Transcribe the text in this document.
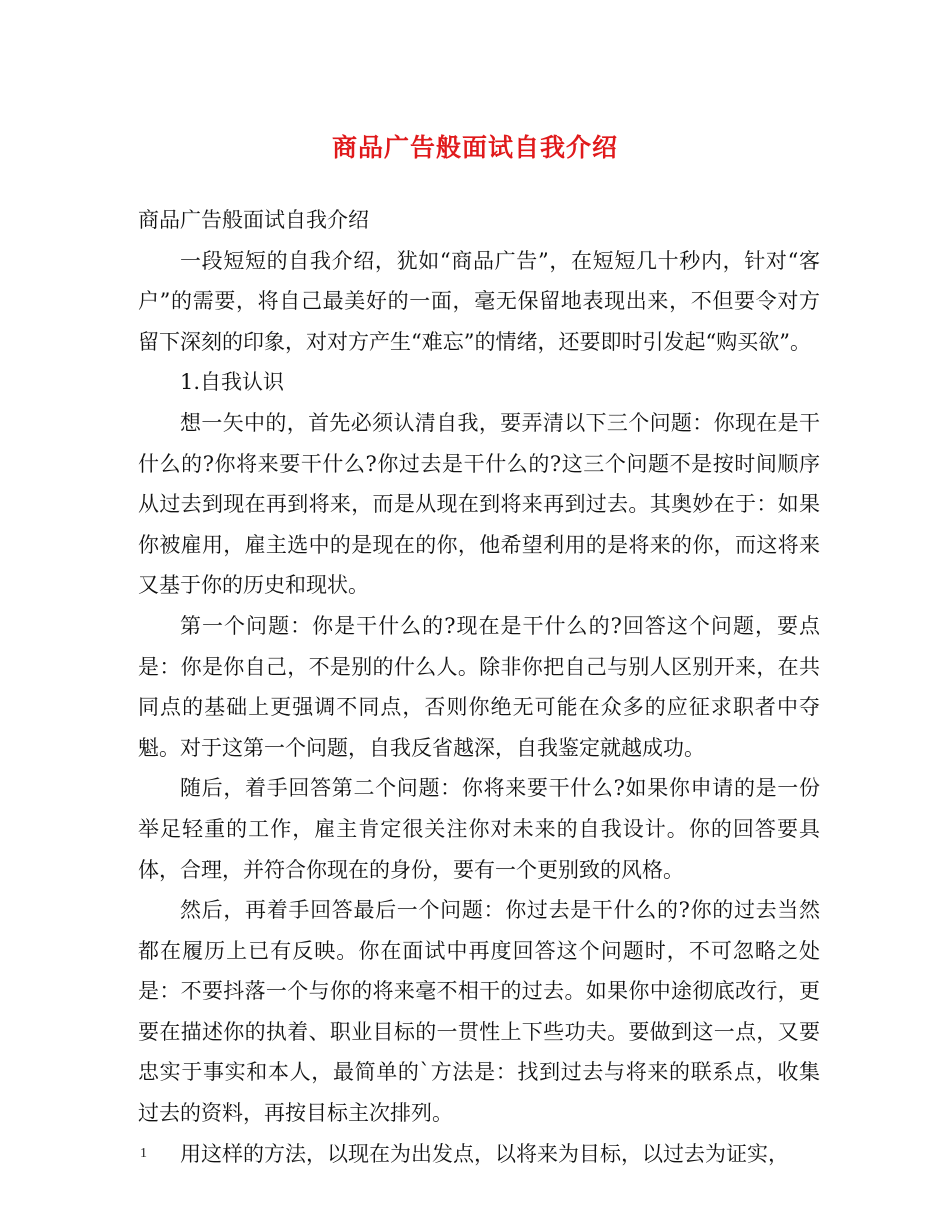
商品广告般面试自我介绍

商品广告般面试自我介绍

一段短短的自我介绍，犹如“商品广告”，在短短几十秒内，针对“客户”的需要，将自己最美好的一面，毫无保留地表现出来，不但要令对方留下深刻的印象，对对方产生“难忘”的情绪，还要即时引发起“购买欲”。

1.自我认识

想一矢中的，首先必须认清自我，要弄清以下三个问题：你现在是干什么的?你将来要干什么?你过去是干什么的?这三个问题不是按时间顺序从过去到现在再到将来，而是从现在到将来再到过去。其奥妙在于：如果你被雇用，雇主选中的是现在的你，他希望利用的是将来的你，而这将来又基于你的历史和现状。

第一个问题：你是干什么的?现在是干什么的?回答这个问题，要点是：你是你自己，不是别的什么人。除非你把自己与别人区别开来，在共同点的基础上更强调不同点，否则你绝无可能在众多的应征求职者中夺魁。对于这第一个问题，自我反省越深，自我鉴定就越成功。

随后，着手回答第二个问题：你将来要干什么?如果你申请的是一份举足轻重的工作，雇主肯定很关注你对未来的自我设计。你的回答要具体，合理，并符合你现在的身份，要有一个更别致的风格。

然后，再着手回答最后一个问题：你过去是干什么的?你的过去当然都在履历上已有反映。你在面试中再度回答这个问题时，不可忽略之处是：不要抖落一个与你的将来毫不相干的过去。如果你中途彻底改行，更要在描述你的执着、职业目标的一贯性上下些功夫。要做到这一点，又要忠实于事实和本人，最简单的`方法是：找到过去与将来的联系点，收集过去的资料，再按目标主次排列。

用这样的方法，以现在为出发点，以将来为目标，以过去为证实，

1
